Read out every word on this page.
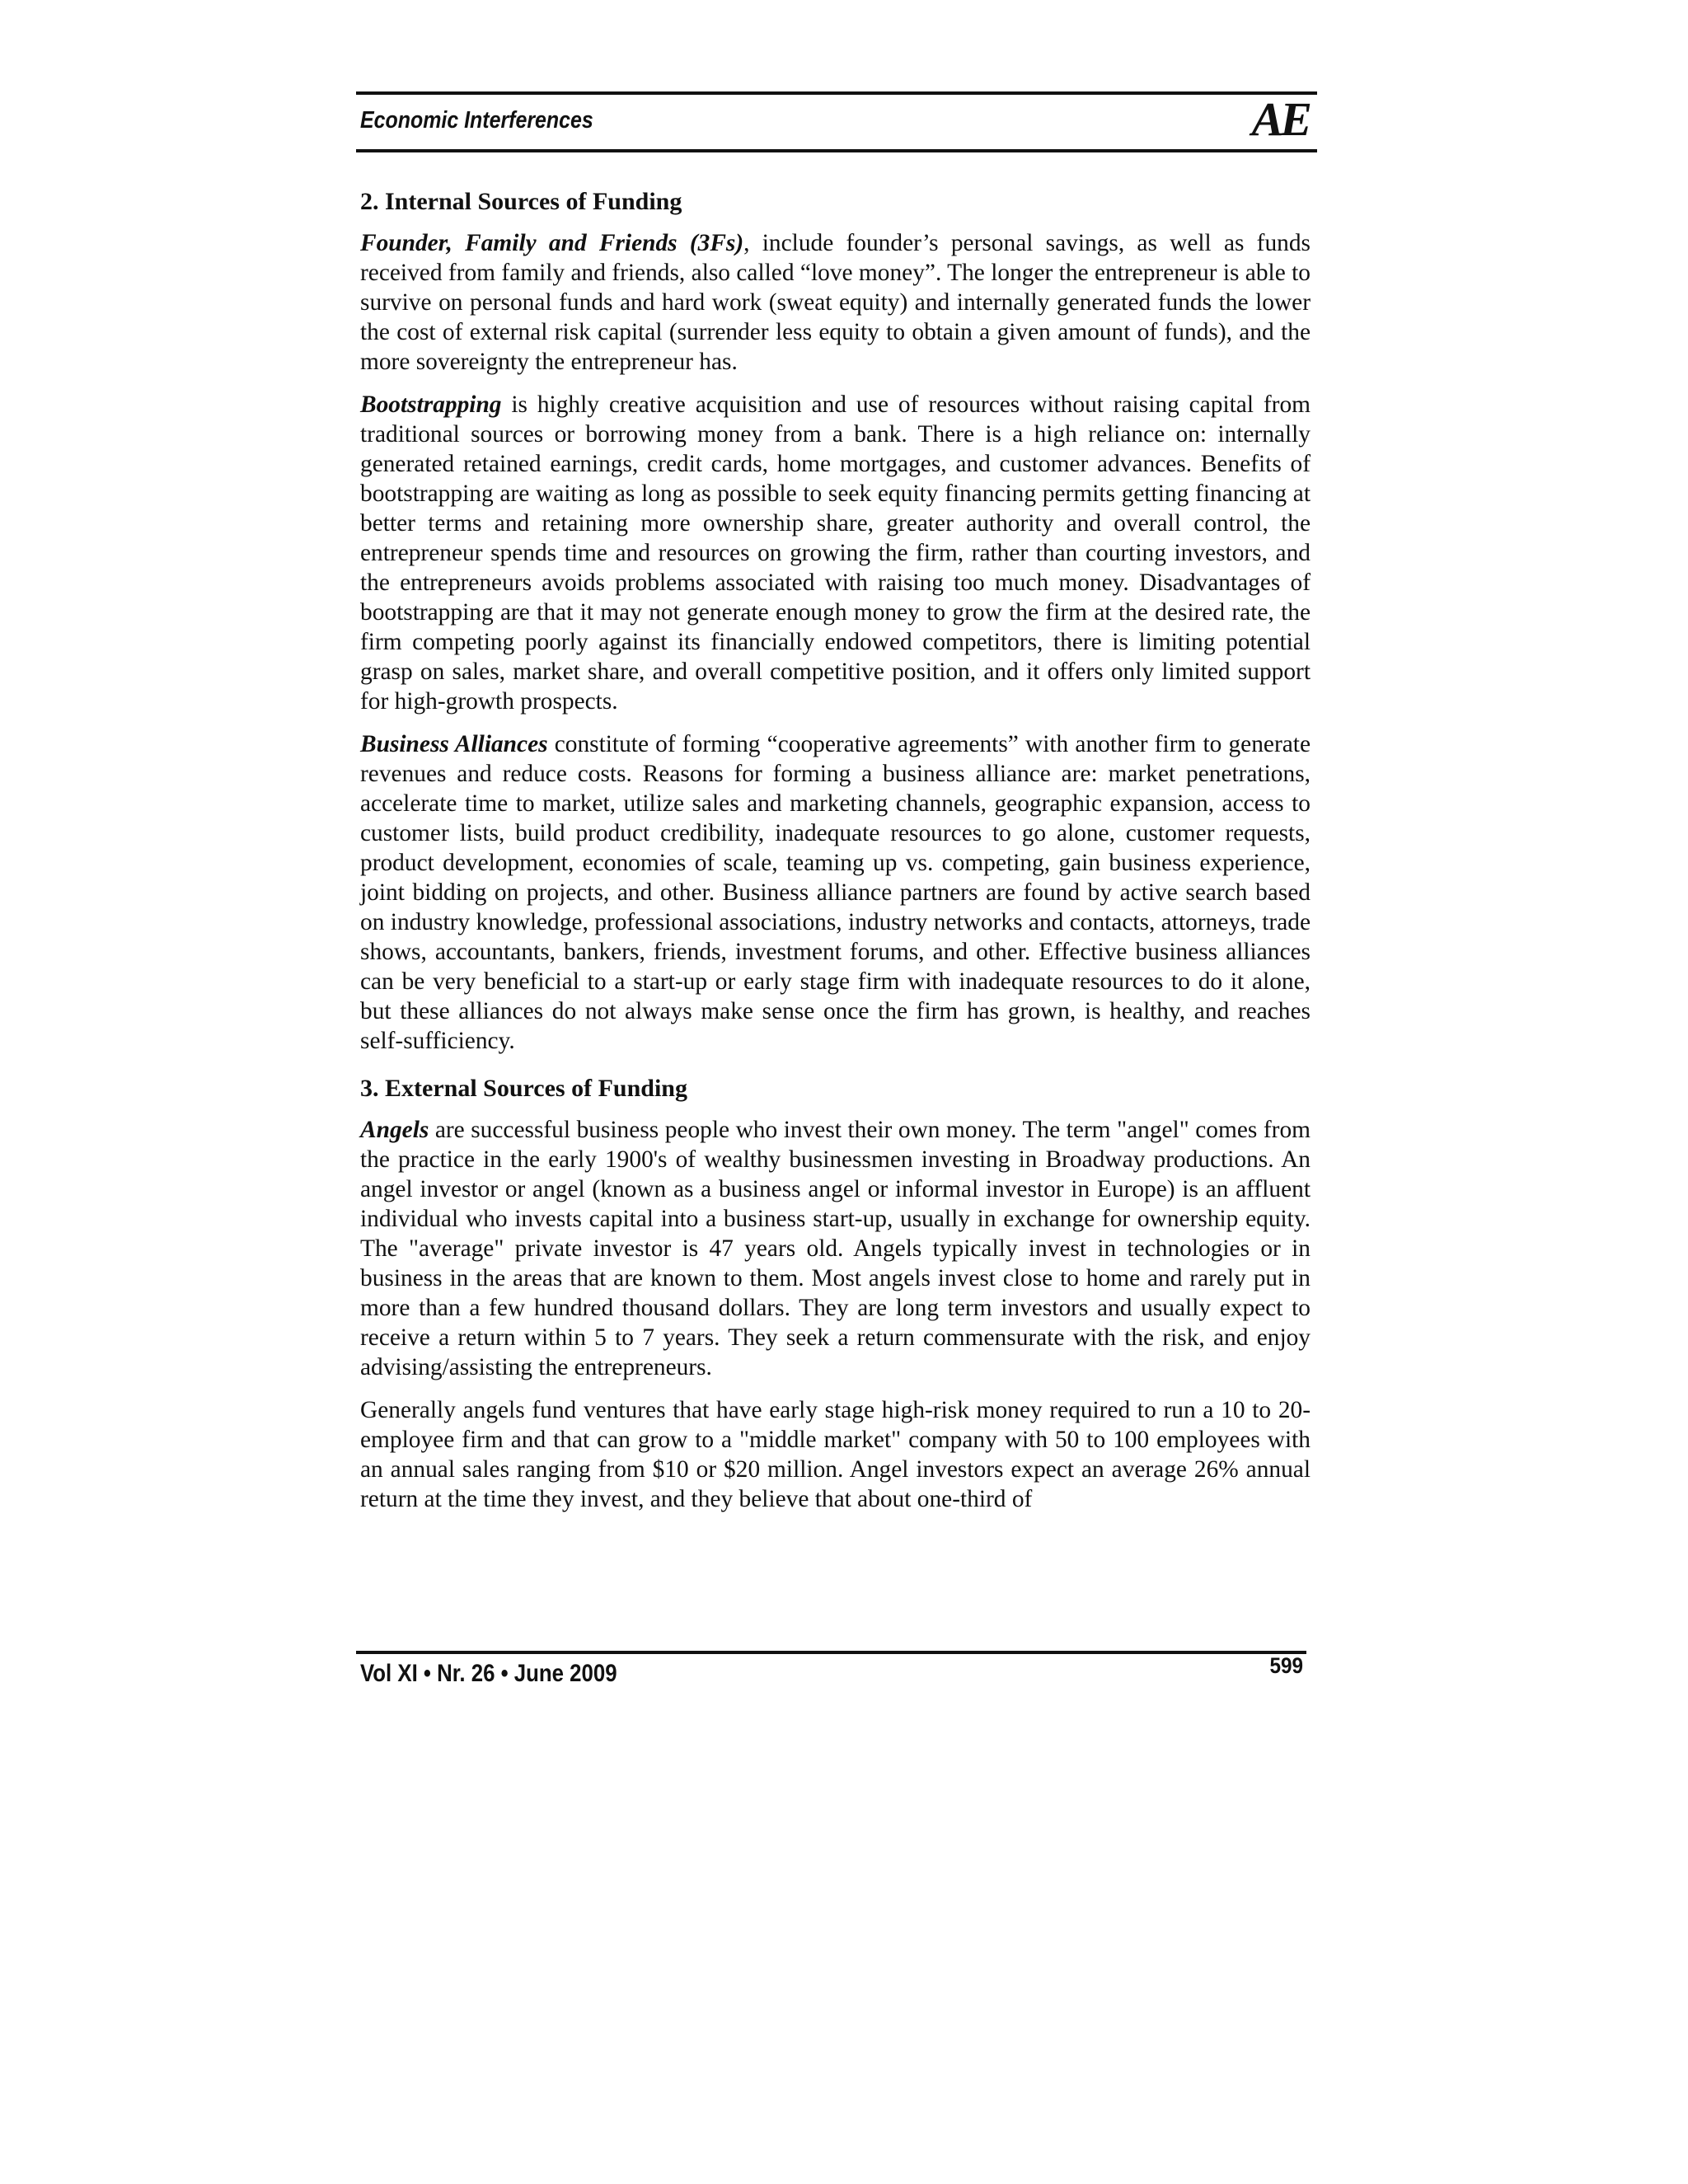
Economic Interferences	AE
2. Internal Sources of Funding

Founder, Family and Friends (3Fs), include founder’s personal savings, as well as funds received from family and friends, also called “love money”. The longer the entrepreneur is able to survive on personal funds and hard work (sweat equity) and internally generated funds the lower the cost of external risk capital (surrender less equity to obtain a given amount of funds), and the more sovereignty the entrepreneur has.

Bootstrapping is highly creative acquisition and use of resources without raising capital from traditional sources or borrowing money from a bank. There is a high reliance on: internally generated retained earnings, credit cards, home mortgages, and customer advances. Benefits of bootstrapping are waiting as long as possible to seek equity financing permits getting financing at better terms and retaining more ownership share, greater authority and overall control, the entrepreneur spends time and resources on growing the firm, rather than courting investors, and the entrepreneurs avoids problems associated with raising too much money. Disadvantages of bootstrapping are that it may not generate enough money to grow the firm at the desired rate, the firm competing poorly against its financially endowed competitors, there is limiting potential grasp on sales, market share, and overall competitive position, and it offers only limited support for high-growth prospects.

Business Alliances constitute of forming “cooperative agreements” with another firm to generate revenues and reduce costs. Reasons for forming a business alliance are: market penetrations, accelerate time to market, utilize sales and marketing channels, geographic expansion, access to customer lists, build product credibility, inadequate resources to go alone, customer requests, product development, economies of scale, teaming up vs. competing, gain business experience, joint bidding on projects, and other. Business alliance partners are found by active search based on industry knowledge, professional associations, industry networks and contacts, attorneys, trade shows, accountants, bankers, friends, investment forums, and other. Effective business alliances can be very beneficial to a start-up or early stage firm with inadequate resources to do it alone, but these alliances do not always make sense once the firm has grown, is healthy, and reaches self-sufficiency.

3. External Sources of Funding

Angels are successful business people who invest their own money. The term "angel" comes from the practice in the early 1900's of wealthy businessmen investing in Broadway productions. An angel investor or angel (known as a business angel or informal investor in Europe) is an affluent individual who invests capital into a business start-up, usually in exchange for ownership equity. The "average" private investor is 47 years old. Angels typically invest in technologies or in business in the areas that are known to them. Most angels invest close to home and rarely put in more than a few hundred thousand dollars. They are long term investors and usually expect to receive a return within 5 to 7 years. They seek a return commensurate with the risk, and enjoy advising/assisting the entrepreneurs.

Generally angels fund ventures that have early stage high-risk money required to run a 10 to 20-employee firm and that can grow to a "middle market" company with 50 to 100 employees with an annual sales ranging from $10 or $20 million. Angel investors expect an average 26% annual return at the time they invest, and they believe that about one-third of

Vol XI • Nr. 26 • June 2009	599
